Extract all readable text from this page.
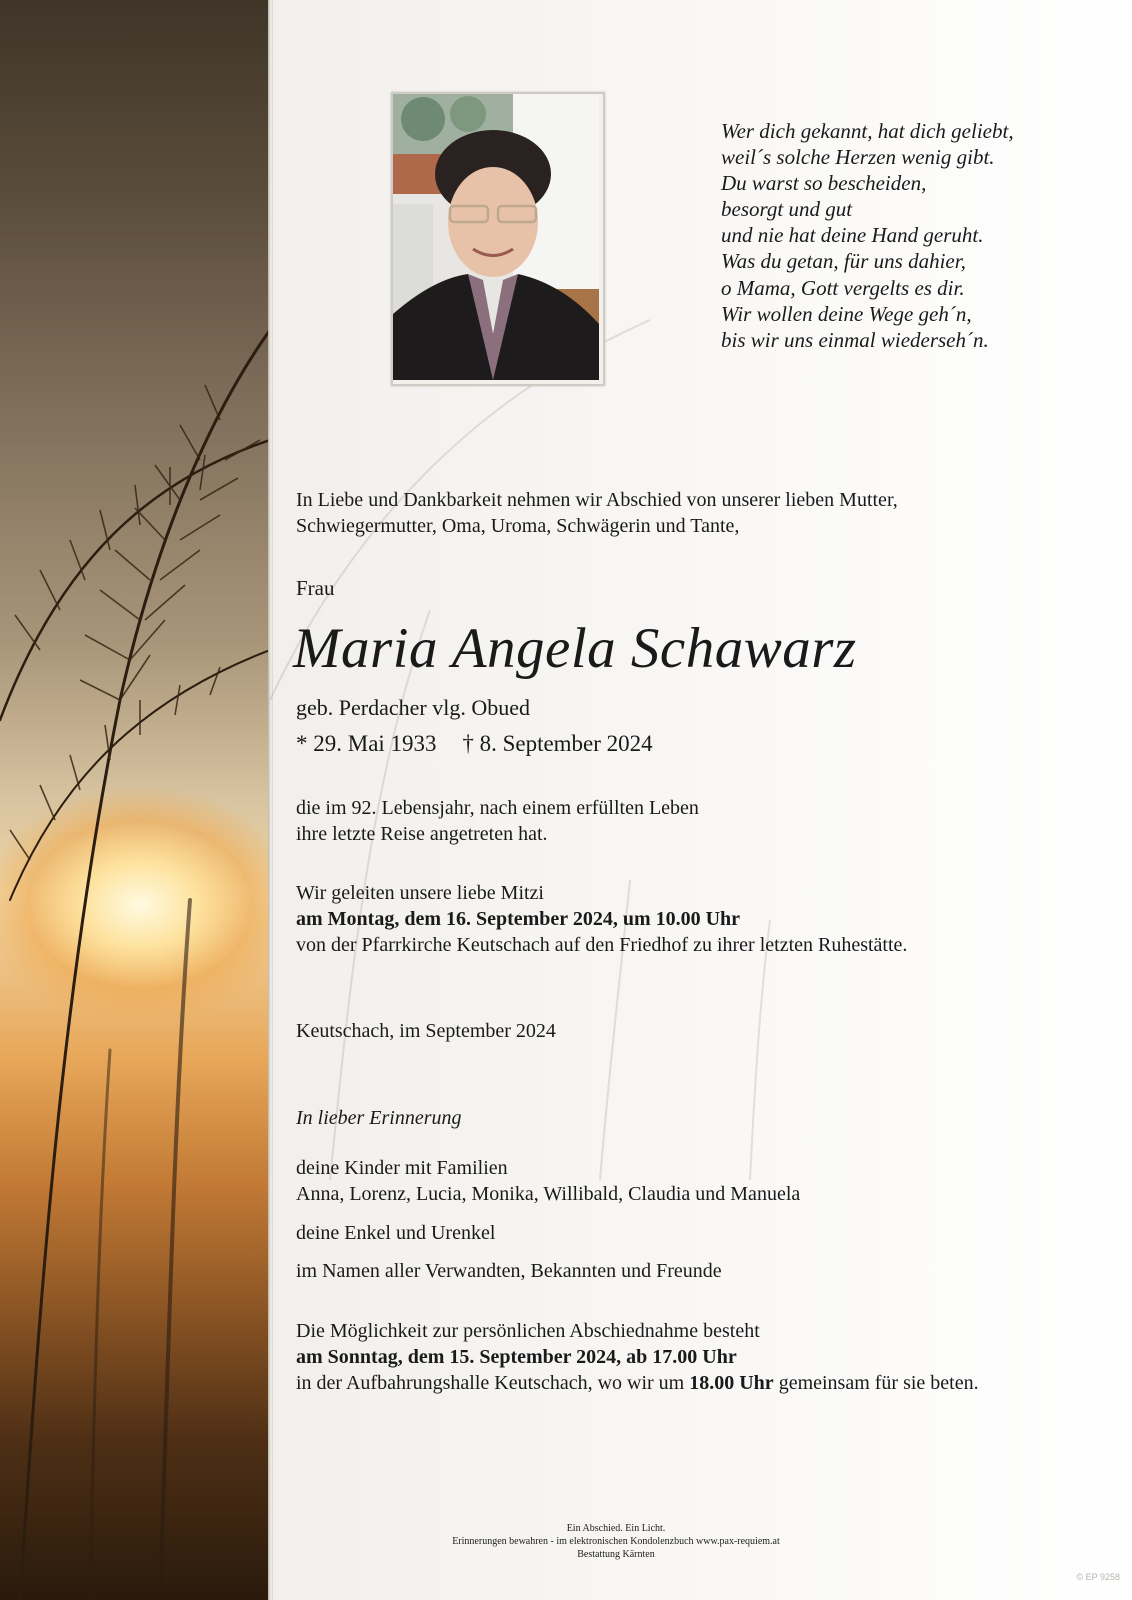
Wer dich gekannt, hat dich geliebt,
weil´s solche Herzen wenig gibt.
Du warst so bescheiden,
besorgt und gut
und nie hat deine Hand geruht.
Was du getan, für uns dahier,
o Mama, Gott vergelts es dir.
Wir wollen deine Wege geh´n,
bis wir uns einmal wiederseh´n.
In Liebe und Dankbarkeit nehmen wir Abschied von unserer lieben Mutter,
Schwiegermutter, Oma, Uroma, Schwägerin und Tante,
Frau
Maria Angela Schawarz
geb. Perdacher vlg. Obued
* 29. Mai 1933 † 8. September 2024
die im 92. Lebensjahr, nach einem erfüllten Leben
ihre letzte Reise angetreten hat.
Wir geleiten unsere liebe Mitzi
am Montag, dem 16. September 2024, um 10.00 Uhr
von der Pfarrkirche Keutschach auf den Friedhof zu ihrer letzten Ruhestätte.
Keutschach, im September 2024
In lieber Erinnerung
deine Kinder mit Familien
Anna, Lorenz, Lucia, Monika, Willibald, Claudia und Manuela
deine Enkel und Urenkel
im Namen aller Verwandten, Bekannten und Freunde
Die Möglichkeit zur persönlichen Abschiednahme besteht
am Sonntag, dem 15. September 2024, ab 17.00 Uhr
in der Aufbahrungshalle Keutschach, wo wir um 18.00 Uhr gemeinsam für sie beten.
Ein Abschied. Ein Licht.
Erinnerungen bewahren - im elektronischen Kondolenzbuch www.pax-requiem.at
Bestattung Kärnten
© EP 9258
